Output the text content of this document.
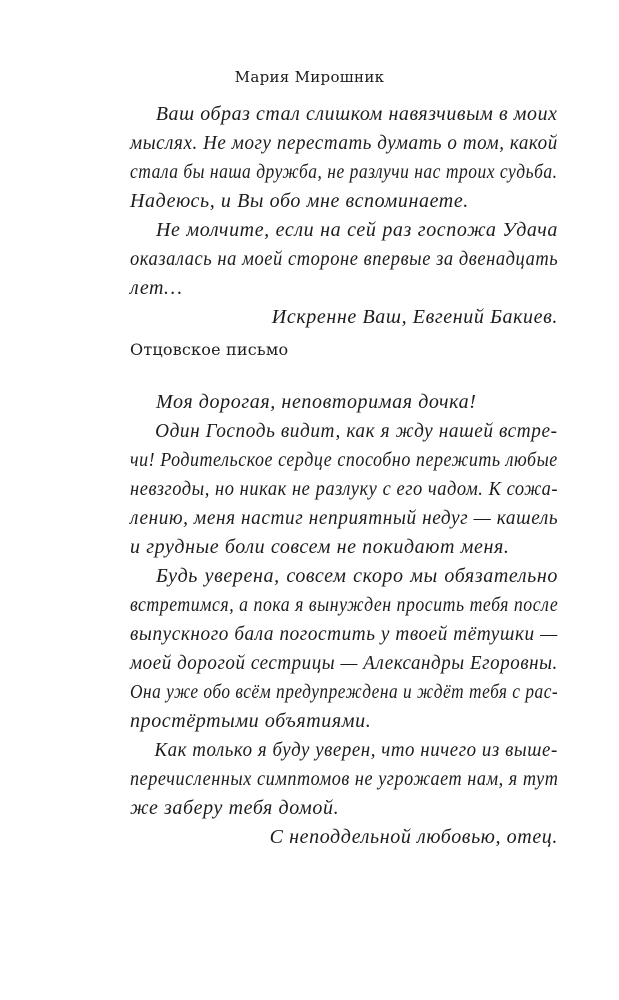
Мария Мирошник
Ваш образ стал слишком навязчивым в моих
мыслях. Не могу перестать думать о том, какой
стала бы наша дружба, не разлучи нас троих судьба.
Надеюсь, и Вы обо мне вспоминаете.
Не молчите, если на сей раз госпожа Удача
оказалась на моей стороне впервые за двенадцать
лет…
Искренне Ваш, Евгений Бакиев.
Отцовское письмо
Моя дорогая, неповторимая дочка!
Один Господь видит, как я жду нашей встре-
чи! Родительское сердце способно пережить любые
невзгоды, но никак не разлуку с его чадом. К сожа-
лению, меня настиг неприятный недуг — кашель
и грудные боли совсем не покидают меня.
Будь уверена, совсем скоро мы обязательно
встретимся, а пока я вынужден просить тебя после
выпускного бала погостить у твоей тётушки —
моей дорогой сестрицы — Александры Егоровны.
Она уже обо всём предупреждена и ждёт тебя с рас-
простёртыми объятиями.
Как только я буду уверен, что ничего из выше-
перечисленных симптомов не угрожает нам, я тут
же заберу тебя домой.
С неподдельной любовью, отец.
